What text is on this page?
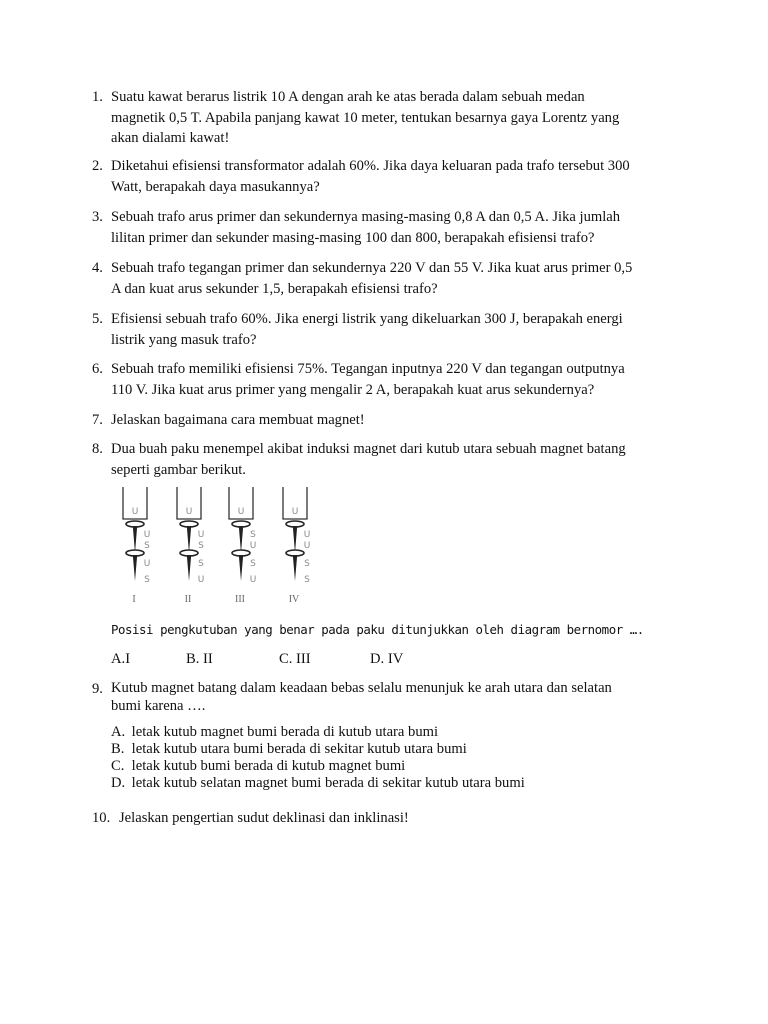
1. Suatu kawat berarus listrik 10 A dengan arah ke atas berada dalam sebuah medan
magnetik 0,5 T. Apabila panjang kawat 10 meter, tentukan besarnya gaya Lorentz yang
akan dialami kawat!
2. Diketahui efisiensi transformator adalah 60%. Jika daya keluaran pada trafo tersebut 300
Watt, berapakah daya masukannya?
3. Sebuah trafo arus primer dan sekundernya masing-masing 0,8 A dan 0,5 A. Jika jumlah
lilitan primer dan sekunder masing-masing 100 dan 800, berapakah efisiensi trafo?
4. Sebuah trafo tegangan primer dan sekundernya 220 V dan 55 V. Jika kuat arus primer 0,5
A dan kuat arus sekunder 1,5, berapakah efisiensi trafo?
5. Efisiensi sebuah trafo 60%. Jika energi listrik yang dikeluarkan 300 J, berapakah energi
listrik yang masuk trafo?
6. Sebuah trafo memiliki efisiensi 75%. Tegangan inputnya 220 V dan tegangan outputnya
110 V. Jika kuat arus primer yang mengalir 2 A, berapakah kuat arus sekundernya?
7. Jelaskan bagaimana cara membuat magnet!
8. Dua buah paku menempel akibat induksi magnet dari kutub utara sebuah magnet batang
seperti gambar berikut.
U
U
S
U
S
I
U
U
S
S
U
II
U
S
U
S
U
III
U
U
U
S
S
IV
Posisi pengkutuban yang benar pada paku ditunjukkan oleh diagram bernomor ….
A.I	B. II	C. III	D. IV
9. Kutub magnet batang dalam keadaan bebas selalu menunjuk ke arah utara dan selatan
bumi karena ….
A. letak kutub magnet bumi berada di kutub utara bumi
B. letak kutub utara bumi berada di sekitar kutub utara bumi
C. letak kutub bumi berada di kutub magnet bumi
D. letak kutub selatan magnet bumi berada di sekitar kutub utara bumi
10. Jelaskan pengertian sudut deklinasi dan inklinasi!
